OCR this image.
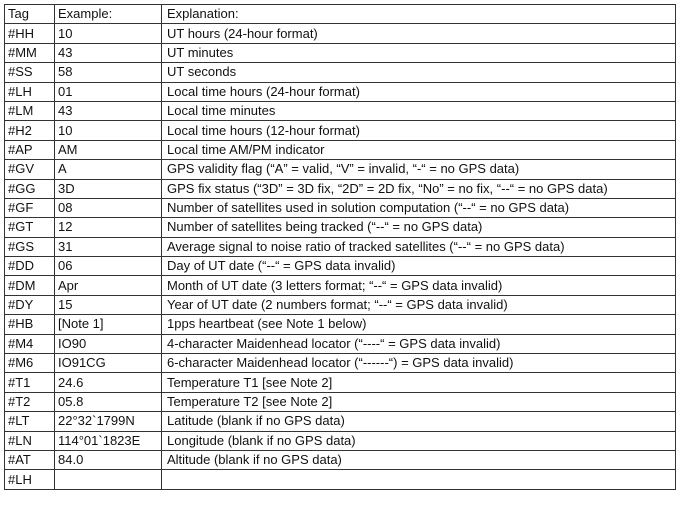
Tag	Example:	Explanation:
#HH	10	UT hours (24-hour format)
#MM	43	UT minutes
#SS	58	UT seconds
#LH	01	Local time hours (24-hour format)
#LM	43	Local time minutes
#H2	10	Local time hours (12-hour format)
#AP	AM	Local time AM/PM indicator
#GV	A	GPS validity flag (“A” = valid, “V” = invalid, “-“ = no GPS data)
#GG	3D	GPS fix status (“3D” = 3D fix, “2D” = 2D fix, “No” = no fix, “--“ = no GPS data)
#GF	08	Number of satellites used in solution computation (“--“ = no GPS data)
#GT	12	Number of satellites being tracked (“--“ = no GPS data)
#GS	31	Average signal to noise ratio of tracked satellites (“--“ = no GPS data)
#DD	06	Day of UT date (“--“ = GPS data invalid)
#DM	Apr	Month of UT date (3 letters format; “--“ = GPS data invalid)
#DY	15	Year of UT date (2 numbers format; “--“ = GPS data invalid)
#HB	[Note 1]	1pps heartbeat (see Note 1 below)
#M4	IO90	4-character Maidenhead locator (“----“ = GPS data invalid)
#M6	IO91CG	6-character Maidenhead locator (“------“) = GPS data invalid)
#T1	24.6	Temperature T1 [see Note 2]
#T2	05.8	Temperature T2 [see Note 2]
#LT	22°32`1799N	Latitude (blank if no GPS data)
#LN	114°01`1823E	Longitude (blank if no GPS data)
#AT	84.0	Altitude (blank if no GPS data)
#LH		
